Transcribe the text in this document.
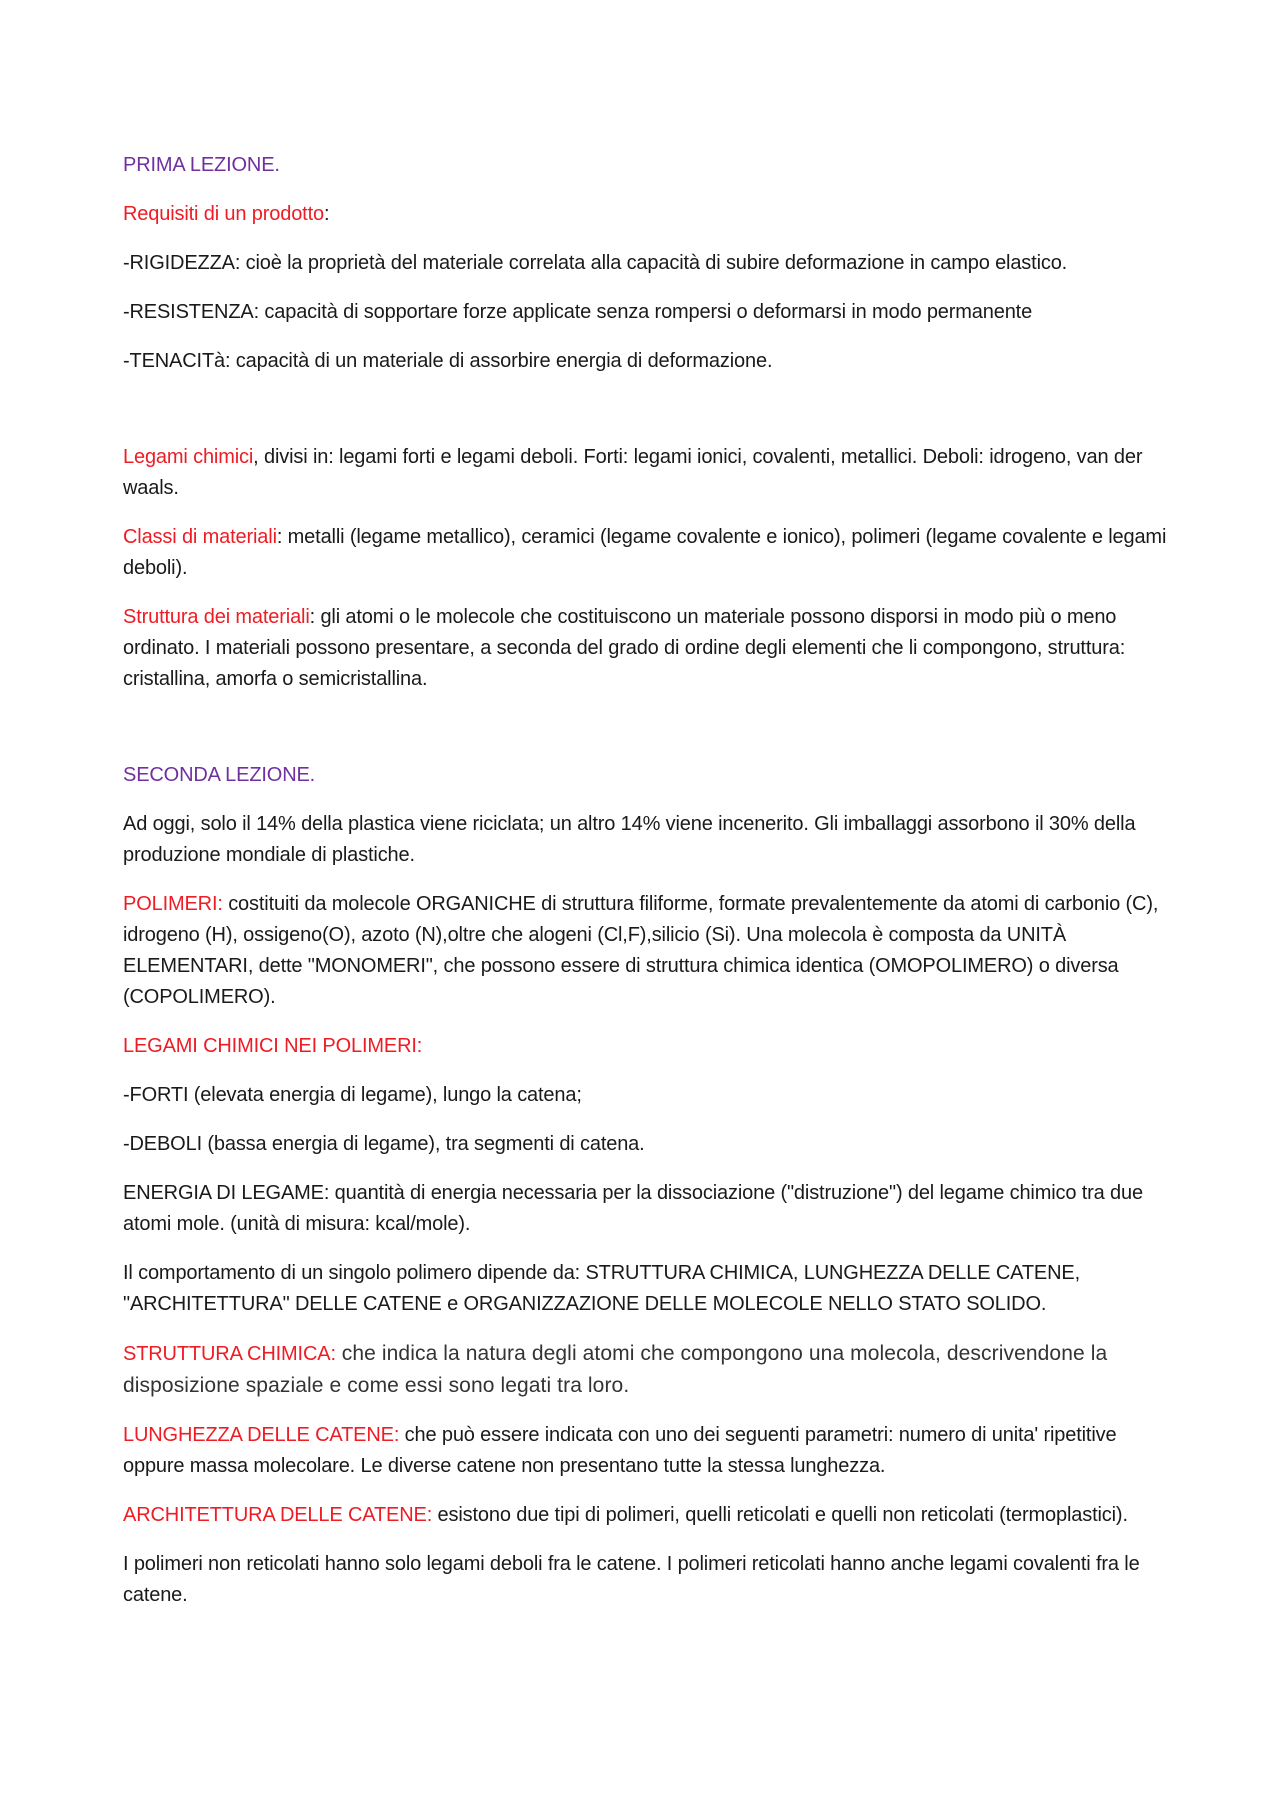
PRIMA LEZIONE.

Requisiti di un prodotto:

-RIGIDEZZA: cioè la proprietà del materiale correlata alla capacità di subire deformazione in campo elastico.

-RESISTENZA: capacità di sopportare forze applicate senza rompersi o deformarsi in modo permanente

-TENACITà: capacità di un materiale di assorbire energia di deformazione.

Legami chimici, divisi in: legami forti e legami deboli. Forti: legami ionici, covalenti, metallici. Deboli: idrogeno, van der waals.

Classi di materiali: metalli (legame metallico), ceramici (legame covalente e ionico), polimeri (legame covalente e legami deboli).

Struttura dei materiali: gli atomi o le molecole che costituiscono un materiale possono disporsi in modo più o meno ordinato. I materiali possono presentare, a seconda del grado di ordine degli elementi che li compongono, struttura: cristallina, amorfa o semicristallina.

SECONDA LEZIONE.

Ad oggi, solo il 14% della plastica viene riciclata; un altro 14% viene incenerito. Gli imballaggi assorbono il 30% della produzione mondiale di plastiche.

POLIMERI: costituiti da molecole ORGANICHE di struttura filiforme, formate prevalentemente da atomi di carbonio (C), idrogeno (H), ossigeno(O), azoto (N),oltre che alogeni (Cl,F),silicio (Si). Una molecola è composta da UNITÀ ELEMENTARI, dette "MONOMERI", che possono essere di struttura chimica identica (OMOPOLIMERO) o diversa (COPOLIMERO).

LEGAMI CHIMICI NEI POLIMERI:

-FORTI (elevata energia di legame), lungo la catena;

-DEBOLI (bassa energia di legame), tra segmenti di catena.

ENERGIA DI LEGAME: quantità di energia necessaria per la dissociazione ("distruzione") del legame chimico tra due atomi mole. (unità di misura: kcal/mole).

Il comportamento di un singolo polimero dipende da: STRUTTURA CHIMICA, LUNGHEZZA DELLE CATENE, "ARCHITETTURA" DELLE CATENE e ORGANIZZAZIONE DELLE MOLECOLE NELLO STATO SOLIDO.

STRUTTURA CHIMICA: che indica la natura degli atomi che compongono una molecola, descrivendone la disposizione spaziale e come essi sono legati tra loro.

LUNGHEZZA DELLE CATENE: che può essere indicata con uno dei seguenti parametri: numero di unita' ripetitive oppure massa molecolare. Le diverse catene non presentano tutte la stessa lunghezza.

ARCHITETTURA DELLE CATENE: esistono due tipi di polimeri, quelli reticolati e quelli non reticolati (termoplastici).

I polimeri non reticolati hanno solo legami deboli fra le catene. I polimeri reticolati hanno anche legami covalenti fra le catene.
